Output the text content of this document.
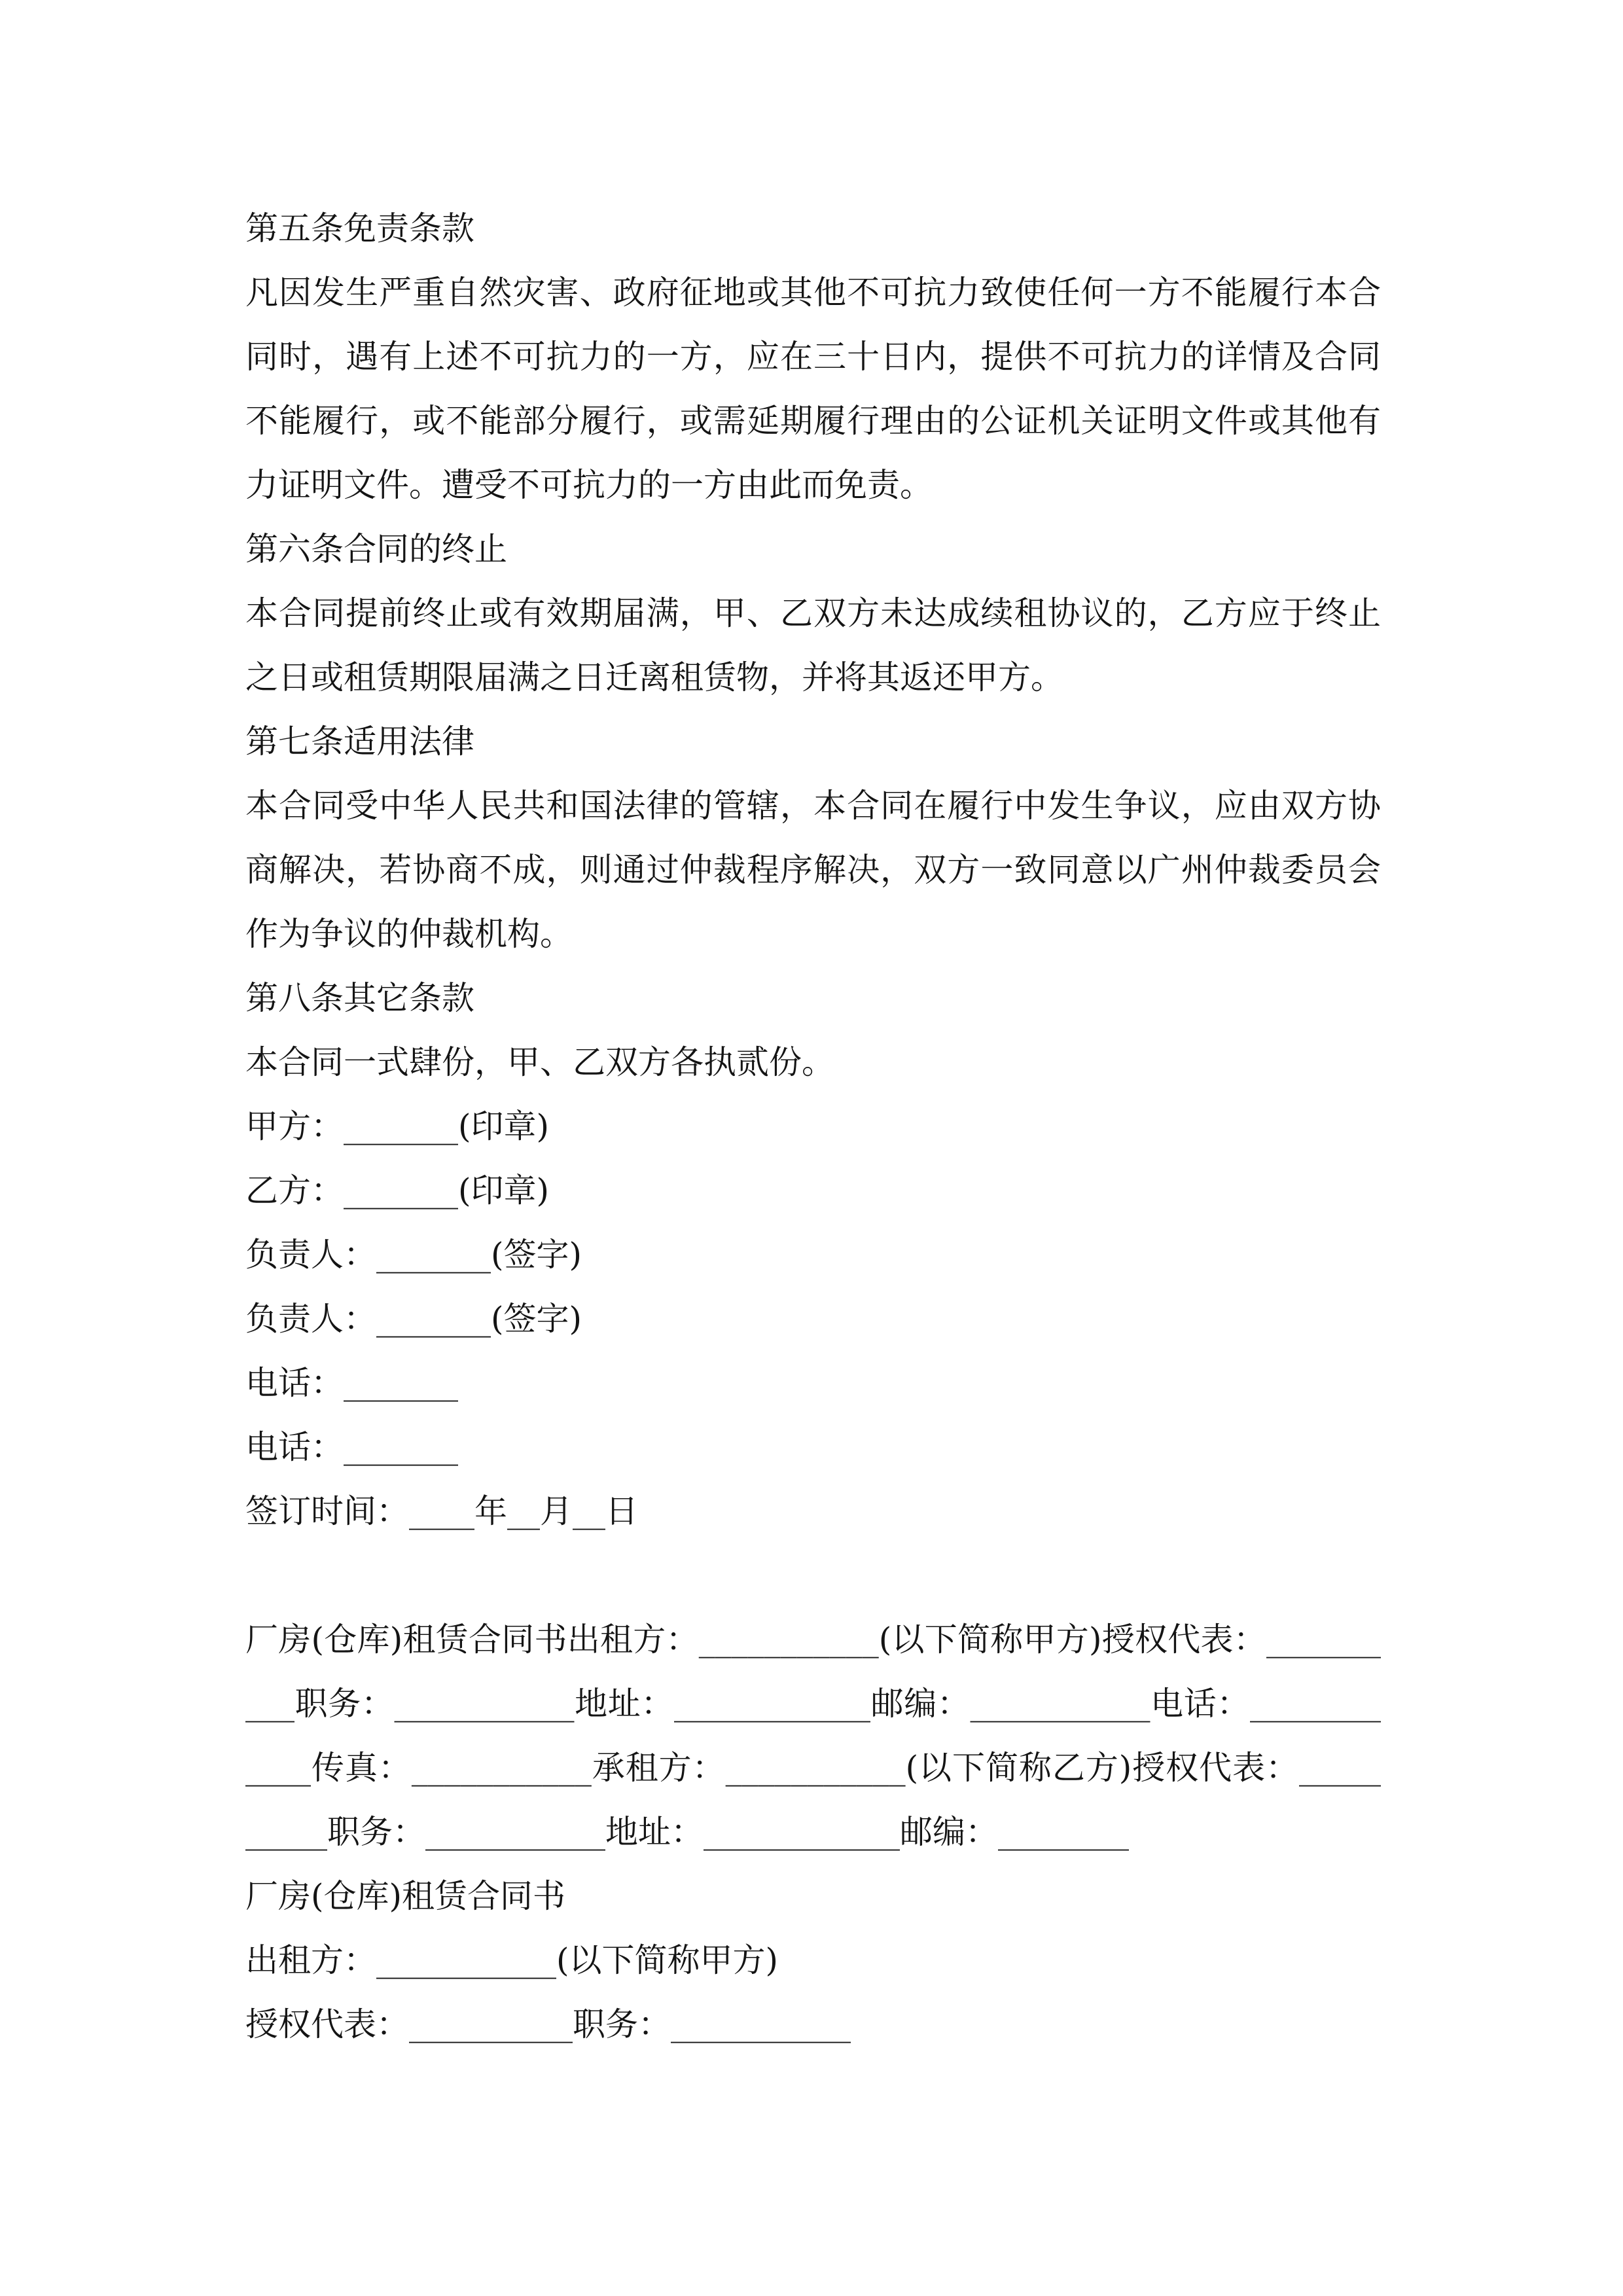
第五条免责条款

凡因发生严重自然灾害、政府征地或其他不可抗力致使任何一方不能履行本合同时，遇有上述不可抗力的一方，应在三十日内，提供不可抗力的详情及合同不能履行，或不能部分履行，或需延期履行理由的公证机关证明文件或其他有力证明文件。遭受不可抗力的一方由此而免责。

第六条合同的终止

本合同提前终止或有效期届满，甲、乙双方未达成续租协议的，乙方应于终止之日或租赁期限届满之日迁离租赁物，并将其返还甲方。

第七条适用法律

本合同受中华人民共和国法律的管辖，本合同在履行中发生争议，应由双方协商解决，若协商不成，则通过仲裁程序解决，双方一致同意以广州仲裁委员会作为争议的仲裁机构。

第八条其它条款

本合同一式肆份，甲、乙双方各执贰份。

甲方：_______(印章)

乙方：_______(印章)

负责人：_______(签字)

负责人：_______(签字)

电话：_______

电话：_______

签订时间：____年__月__日

厂房(仓库)租赁合同书出租方：___________(以下简称甲方)授权代表：__________职务：___________地址：____________邮编：___________电话：____________传真：___________承租方：___________(以下简称乙方)授权代表：__________职务：___________地址：____________邮编：________

厂房(仓库)租赁合同书

出租方：___________(以下简称甲方)

授权代表：__________职务：___________
